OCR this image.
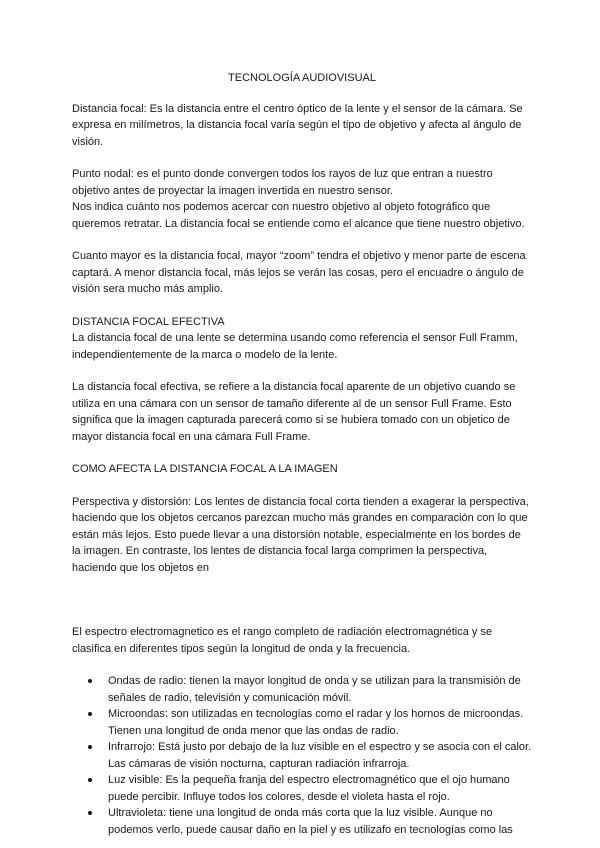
TECNOLOGÍA AUDIOVISUAL

Distancia focal: Es la distancia entre el centro óptico de la lente y el sensor de la cámara. Se expresa en milímetros, la distancia focal varía según el tipo de objetivo y afecta al ángulo de visión.

Punto nodal: es el punto donde convergen todos los rayos de luz que entran a nuestro objetivo antes de proyectar la imagen invertida en nuestro sensor.
Nos indica cuánto nos podemos acercar con nuestro objetivo al objeto fotográfico que queremos retratar. La distancia focal se entiende como el alcance que tiene nuestro objetivo.

Cuanto mayor es la distancia focal, mayor “zoom” tendra el objetivo y menor parte de escena captará. A menor distancia focal, más lejos se verán las cosas, pero el encuadre o ángulo de visión sera mucho más amplio.

DISTANCIA FOCAL EFECTIVA

La distancia focal de una lente se determina usando como referencia el sensor Full Framm, independientemente de la marca o modelo de la lente.

La distancia focal efectiva, se refiere a la distancia focal aparente de un objetivo cuando se utiliza en una cámara con un sensor de tamaño diferente al de un sensor Full Frame. Esto significa que la imagen capturada parecerá como si se hubiera tomado con un objetico de mayor distancia focal en una cámara Full Frame.

COMO AFECTA LA DISTANCIA FOCAL A LA IMAGEN

Perspectiva y distorsión: Los lentes de distancia focal corta tienden a exagerar la perspectiva, haciendo que los objetos cercanos parezcan mucho más grandes en comparación con lo que están más lejos. Esto puede llevar a una distorsión notable, especialmente en los bordes de la imagen. En contraste, los lentes de distancia focal larga comprimen la perspectiva, haciendo que los objetos en

El espectro electromagnetico es el rango completo de radiación electromagnética y se clasifica en diferentes tipos según la longitud de onda y la frecuencia.

Ondas de radio: tienen la mayor longitud de onda y se utilizan para la transmisión de señales de radio, televisión y comunicación móvil.
Microondas: son utilizadas en tecnologías como el radar y los hornos de microondas. Tienen una longitud de onda menor que las ondas de radio.
Infrarrojo: Está justo por debajo de la luz visible en el espectro y se asocia con el calor. Las cámaras de visión nocturna, capturan radiación infrarroja.
Luz visible: Es la pequeña franja del espectro electromagnético que el ojo humano puede percibir. Influye todos los colores, desde el violeta hasta el rojo.
Ultravioleta: tiene una longitud de onda más corta que la luz visible. Aunque no podemos verlo, puede causar daño en la piel y es utilizafo en tecnologías como las
